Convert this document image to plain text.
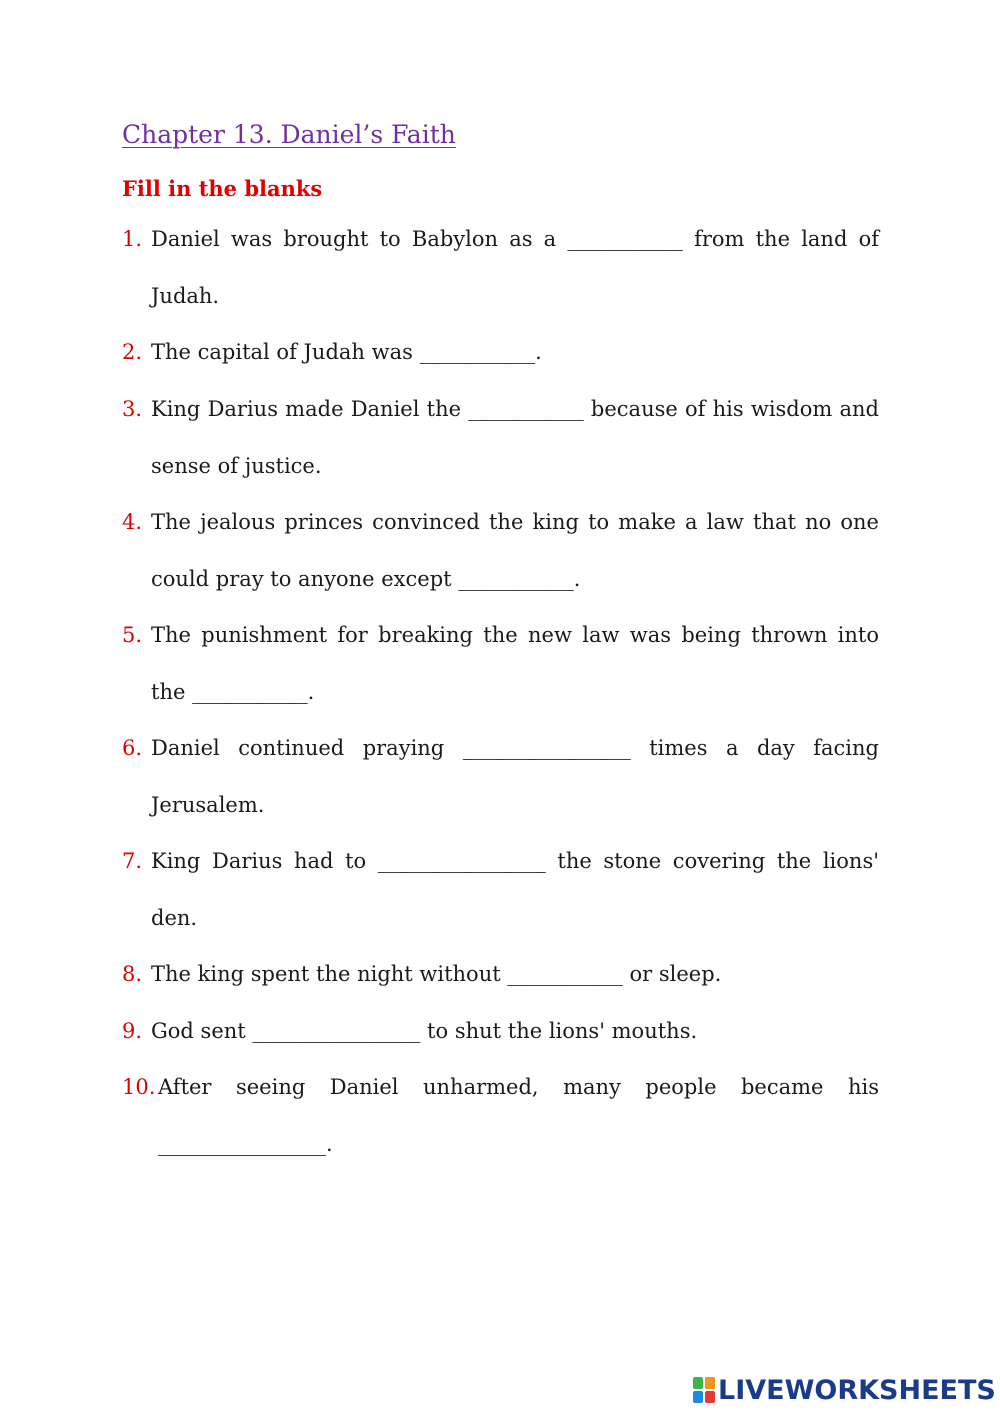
Chapter 13. Daniel’s Faith
Fill in the blanks
1. Daniel was brought to Babylon as a ___________ from the land of Judah.
2. The capital of Judah was ___________.
3. King Darius made Daniel the ___________ because of his wisdom and sense of justice.
4. The jealous princes convinced the king to make a law that no one could pray to anyone except ___________.
5. The punishment for breaking the new law was being thrown into the ___________.
6. Daniel continued praying ________________ times a day facing Jerusalem.
7. King Darius had to ________________ the stone covering the lions' den.
8. The king spent the night without ___________ or sleep.
9. God sent ________________ to shut the lions' mouths.
10. After seeing Daniel unharmed, many people became his ________________.
LIVEWORKSHEETS
